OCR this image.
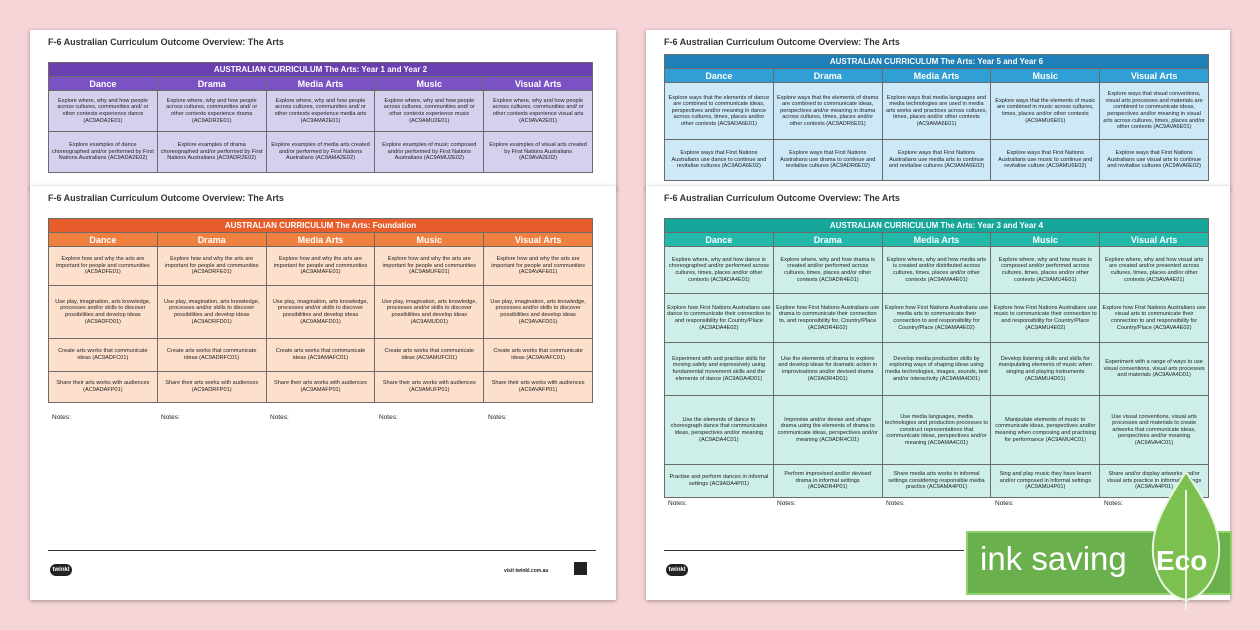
F-6 Australian Curriculum Outcome Overview: The Arts
AUSTRALIAN CURRICULUM The Arts: Year 1 and Year 2				
Dance	Drama	Media Arts	Music	Visual Arts
Explore where, why and how people across cultures, communities and/ or other contexts experience dance (AC9ADA2E01)	Explore where, why and how people across cultures, communities and/ or other contexts experience drama (AC9ADR2E01)	Explore where, why and how people across cultures, communities and/ or other contexts experience media arts (AC9AMA2E01)	Explore where, why and how people across cultures, communities and/ or other contexts experience music (AC9AMU2E01)	Explore where, why and how people across cultures, communities and/ or other contexts experience visual arts (AC9AVA2E01)
Explore examples of dance choreographed and/or performed by First Nations Australians (AC9ADA2E02)	Explore examples of drama choreographed and/or performed by First Nations Australians (AC9ADR2E02)	Explore examples of media arts created and/or performed by First Nations Australians (AC9AMA2E02)	Explore examples of music composed and/or performed by First Nations Australians (AC9AMU2E02)	Explore examples of visual arts created by First Nations Australians (AC9AVA2E02)
F-6 Australian Curriculum Outcome Overview: The Arts
AUSTRALIAN CURRICULUM The Arts: Year 5 and Year 6				
Dance	Drama	Media Arts	Music	Visual Arts
Explore ways that the elements of dance are combined to communicate ideas, perspectives and/or meaning in dance across cultures, times, places and/or other contexts (AC9ADA6E01)	Explore ways that the elements of drama are combined to communicate ideas, perspectives and/or meaning in drama across cultures, times, places and/or other contexts (AC9ADR6E01)	Explore ways that media languages and media technologies are used in media arts works and practices across cultures, times, places and/or other contexts (AC9AMA6E01)	Explore ways that the elements of music are combined in music across cultures, times, places and/or other contexts (AC9AMU6E01)	Explore ways that visual conventions, visual arts processes and materials are combined to communicate ideas, perspectives and/or meaning in visual arts across cultures, times, places and/or other contexts (AC9AVA6E01)
Explore ways that First Nations Australians use dance to continue and revitalise cultures (AC9ADA6E02)	Explore ways that First Nations Australians use drama to continue and revitalise cultures (AC9ADR6E02)	Explore ways that First Nations Australians use media arts to continue and revitalise cultures (AC9AMA6E02)	Explore ways that First Nations Australians use music to continue and revitalise culture (AC9AMU6E02)	Explore ways that First Nations Australians use visual arts to continue and revitalise cultures (AC9AVA6E02)
F-6 Australian Curriculum Outcome Overview: The Arts
AUSTRALIAN CURRICULUM The Arts: Foundation				
Dance	Drama	Media Arts	Music	Visual Arts
Explore how and why the arts are important for people and communities (AC9ADFE01)	Explore how and why the arts are important for people and communities (AC9ADRFE01)	Explore how and why the arts are important for people and communities (AC9AMAFE01)	Explore how and why the arts are important for people and communities (AC9AMUFE01)	Explore how and why the arts are important for people and communities (AC9AVAFE01)
Use play, imagination, arts knowledge, processes and/or skills to discover possibilities and develop ideas (AC9ADFD01)	Use play, imagination, arts knowledge, processes and/or skills to discover possibilities and develop ideas (AC9ADRFD01)	Use play, imagination, arts knowledge, processes and/or skills to discover possibilities and develop ideas (AC9AMAFD01)	Use play, imagination, arts knowledge, processes and/or skills to discover possibilities and develop ideas (AC9AMUD01)	Use play, imagination, arts knowledge, processes and/or skills to discover possibilities and develop ideas (AC9AVAFD01)
Create arts works that communicate ideas (AC9ADFC01)	Create arts works that communicate ideas (AC9ADRFC01)	Create arts works that communicate ideas (AC9AMAFC01)	Create arts works that communicate ideas (AC9AMUFC01)	Create arts works that communicate ideas (AC9AVAFC01)
Share their arts works with audiences (AC9ADAFP01)	Share their arts works with audiences (AC9ADRFP01)	Share their arts works with audiences (AC9AMAFP01)	Share their arts works with audiences (AC9AMUFP01)	Share their arts works with audiences (AC9AVAFP01)
Notes:	Notes:	Notes:	Notes:	Notes:
twinkl	visit twinkl.com.au
F-6 Australian Curriculum Outcome Overview: The Arts
AUSTRALIAN CURRICULUM The Arts: Year 3 and Year 4				
Dance	Drama	Media Arts	Music	Visual Arts
Explore where, why and how dance is choreographed and/or performed across cultures, times, places and/or other contexts (AC9ADA4E01)	Explore where, why and how drama is created and/or performed across cultures, times, places and/or other contexts (AC9ADR4E01)	Explore where, why and how media arts is created and/or distributed across cultures, times, places and/or other contexts (AC9AMA4E01)	Explore where, why and how music is composed and/or performed across cultures, times, places and/or other contexts (AC9AMU4E01)	Explore where, why and how visual arts are created and/or presented across cultures, times, places and/or other contexts (AC9AVA4E01)
Explore how First Nations Australians use dance to communicate their connection to and responsibility for Country/Place (AC9ADA4E02)	Explore how First Nations Australians use drama to communicate their connection to, and responsibility for, Country/Place (AC9ADR4E02)	Explore how First Nations Australians use media arts to communicate their connection to and responsibility for Country/Place (AC9AMA4E02)	Explore how First Nations Australians use music to communicate their connection to and responsibility for Country/Place (AC9AMU4E02)	Explore how First Nations Australians use visual arts to communicate their connection to and responsibility for Country/Place (AC9AVA4E02)
Experiment with and practise skills for moving safely and expressively using fundamental movement skills and the elements of dance (AC9ADA4D01)	Use the elements of drama to explore and develop ideas for dramatic action in improvisations and/or devised drama (AC9ADR4D01)	Develop media production skills by exploring ways of shaping ideas using media technologies, images, sounds, text and/or interactivity (AC9AMA4D01)	Develop listening skills and skills for manipulating elements of music when singing and playing instruments (AC9AMU4D01)	Experiment with a range of ways to use visual conventions, visual arts processes and materials (AC9AVA4D01)
Use the elements of dance to choreograph dance that communicates ideas, perspectives and/or meaning (AC9ADA4C01)	Improvise and/or devise and shape drama using the elements of drama to communicate ideas, perspectives and/or meaning (AC9ADR4C01)	Use media languages, media technologies and production processes to construct representations that communicate ideas, perspectives and/or meaning (AC9AMA4C01)	Manipulate elements of music to communicate ideas, perspectives and/or meaning when composing and practising for performance (AC9AMU4C01)	Use visual conventions, visual arts processes and materials to create artworks that communicate ideas, perspectives and/or meaning (AC9AVA4C01)
Practise and perform dances in informal settings (AC9ADA4P01)	Perform improvised and/or devised drama in informal settings (AC9ADR4P01)	Share media arts works in informal settings considering responsible media practice (AC9AMA4P01)	Sing and play music they have learnt and/or composed in informal settings (AC9AMU4P01)	Share and/or display artworks and/or visual arts practice in informal settings (AC9AVA4P01)
Notes:	Notes:	Notes:	Notes:	Notes:
twinkl	ink saving Eco
